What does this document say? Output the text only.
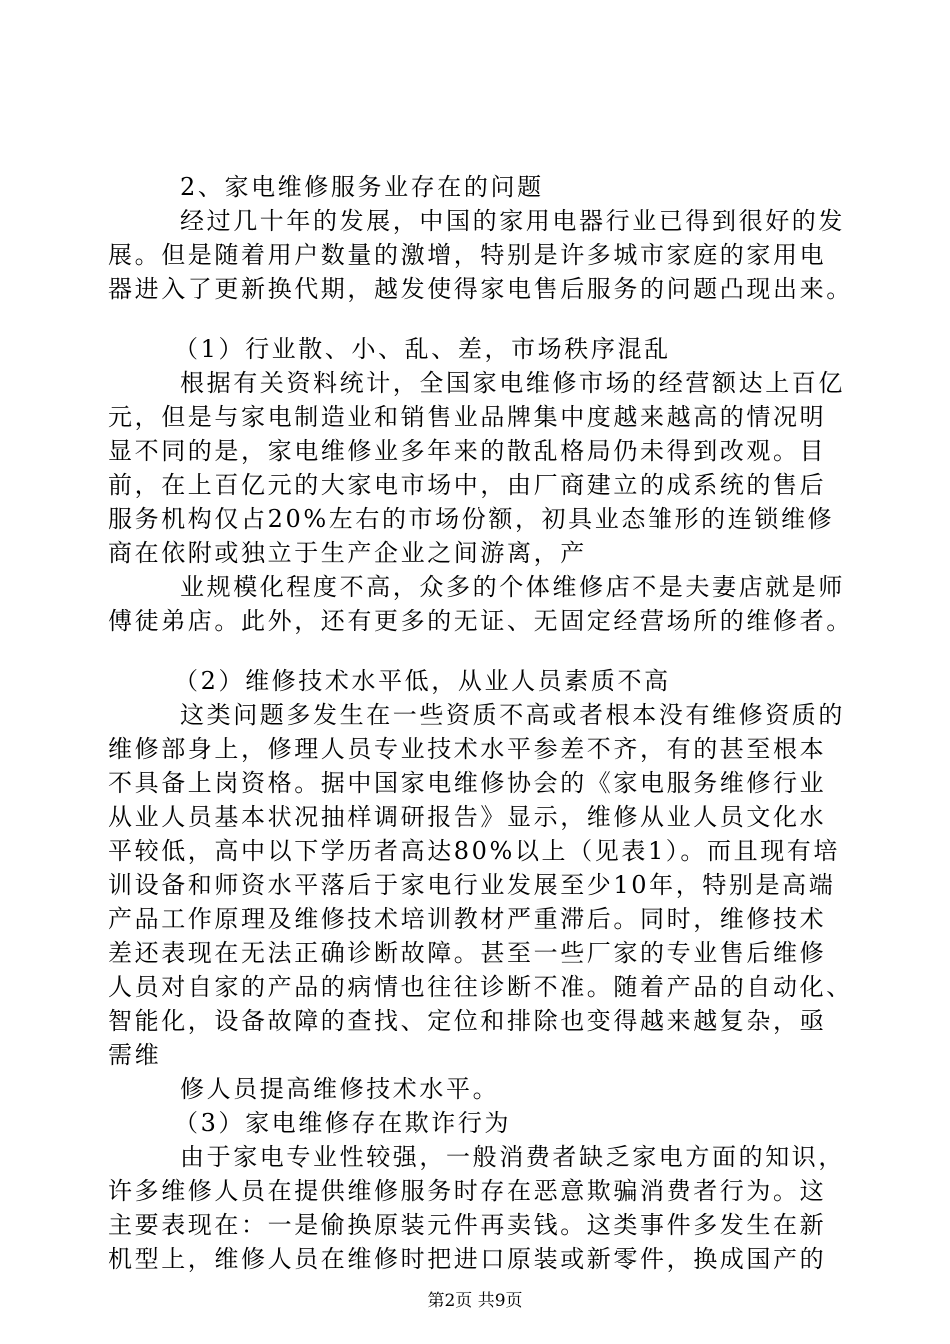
2、家电维修服务业存在的问题
经过几十年的发展，中国的家用电器行业已得到很好的发
展。但是随着用户数量的激增，特别是许多城市家庭的家用电
器进入了更新换代期，越发使得家电售后服务的问题凸现出来。
（1）行业散、小、乱、差，市场秩序混乱
根据有关资料统计，全国家电维修市场的经营额达上百亿
元，但是与家电制造业和销售业品牌集中度越来越高的情况明
显不同的是，家电维修业多年来的散乱格局仍未得到改观。目
前，在上百亿元的大家电市场中，由厂商建立的成系统的售后
服务机构仅占20%左右的市场份额，初具业态雏形的连锁维修
商在依附或独立于生产企业之间游离，产
业规模化程度不高，众多的个体维修店不是夫妻店就是师
傅徒弟店。此外，还有更多的无证、无固定经营场所的维修者。
（2）维修技术水平低，从业人员素质不高
这类问题多发生在一些资质不高或者根本没有维修资质的
维修部身上，修理人员专业技术水平参差不齐，有的甚至根本
不具备上岗资格。据中国家电维修协会的《家电服务维修行业
从业人员基本状况抽样调研报告》显示，维修从业人员文化水
平较低，高中以下学历者高达80%以上（见表1）。而且现有培
训设备和师资水平落后于家电行业发展至少10年，特别是高端
产品工作原理及维修技术培训教材严重滞后。同时，维修技术
差还表现在无法正确诊断故障。甚至一些厂家的专业售后维修
人员对自家的产品的病情也往往诊断不准。随着产品的自动化、
智能化，设备故障的查找、定位和排除也变得越来越复杂，亟
需维
修人员提高维修技术水平。
（3）家电维修存在欺诈行为
由于家电专业性较强，一般消费者缺乏家电方面的知识，
许多维修人员在提供维修服务时存在恶意欺骗消费者行为。这
主要表现在：一是偷换原装元件再卖钱。这类事件多发生在新
机型上，维修人员在维修时把进口原装或新零件，换成国产的
第2页 共9页
